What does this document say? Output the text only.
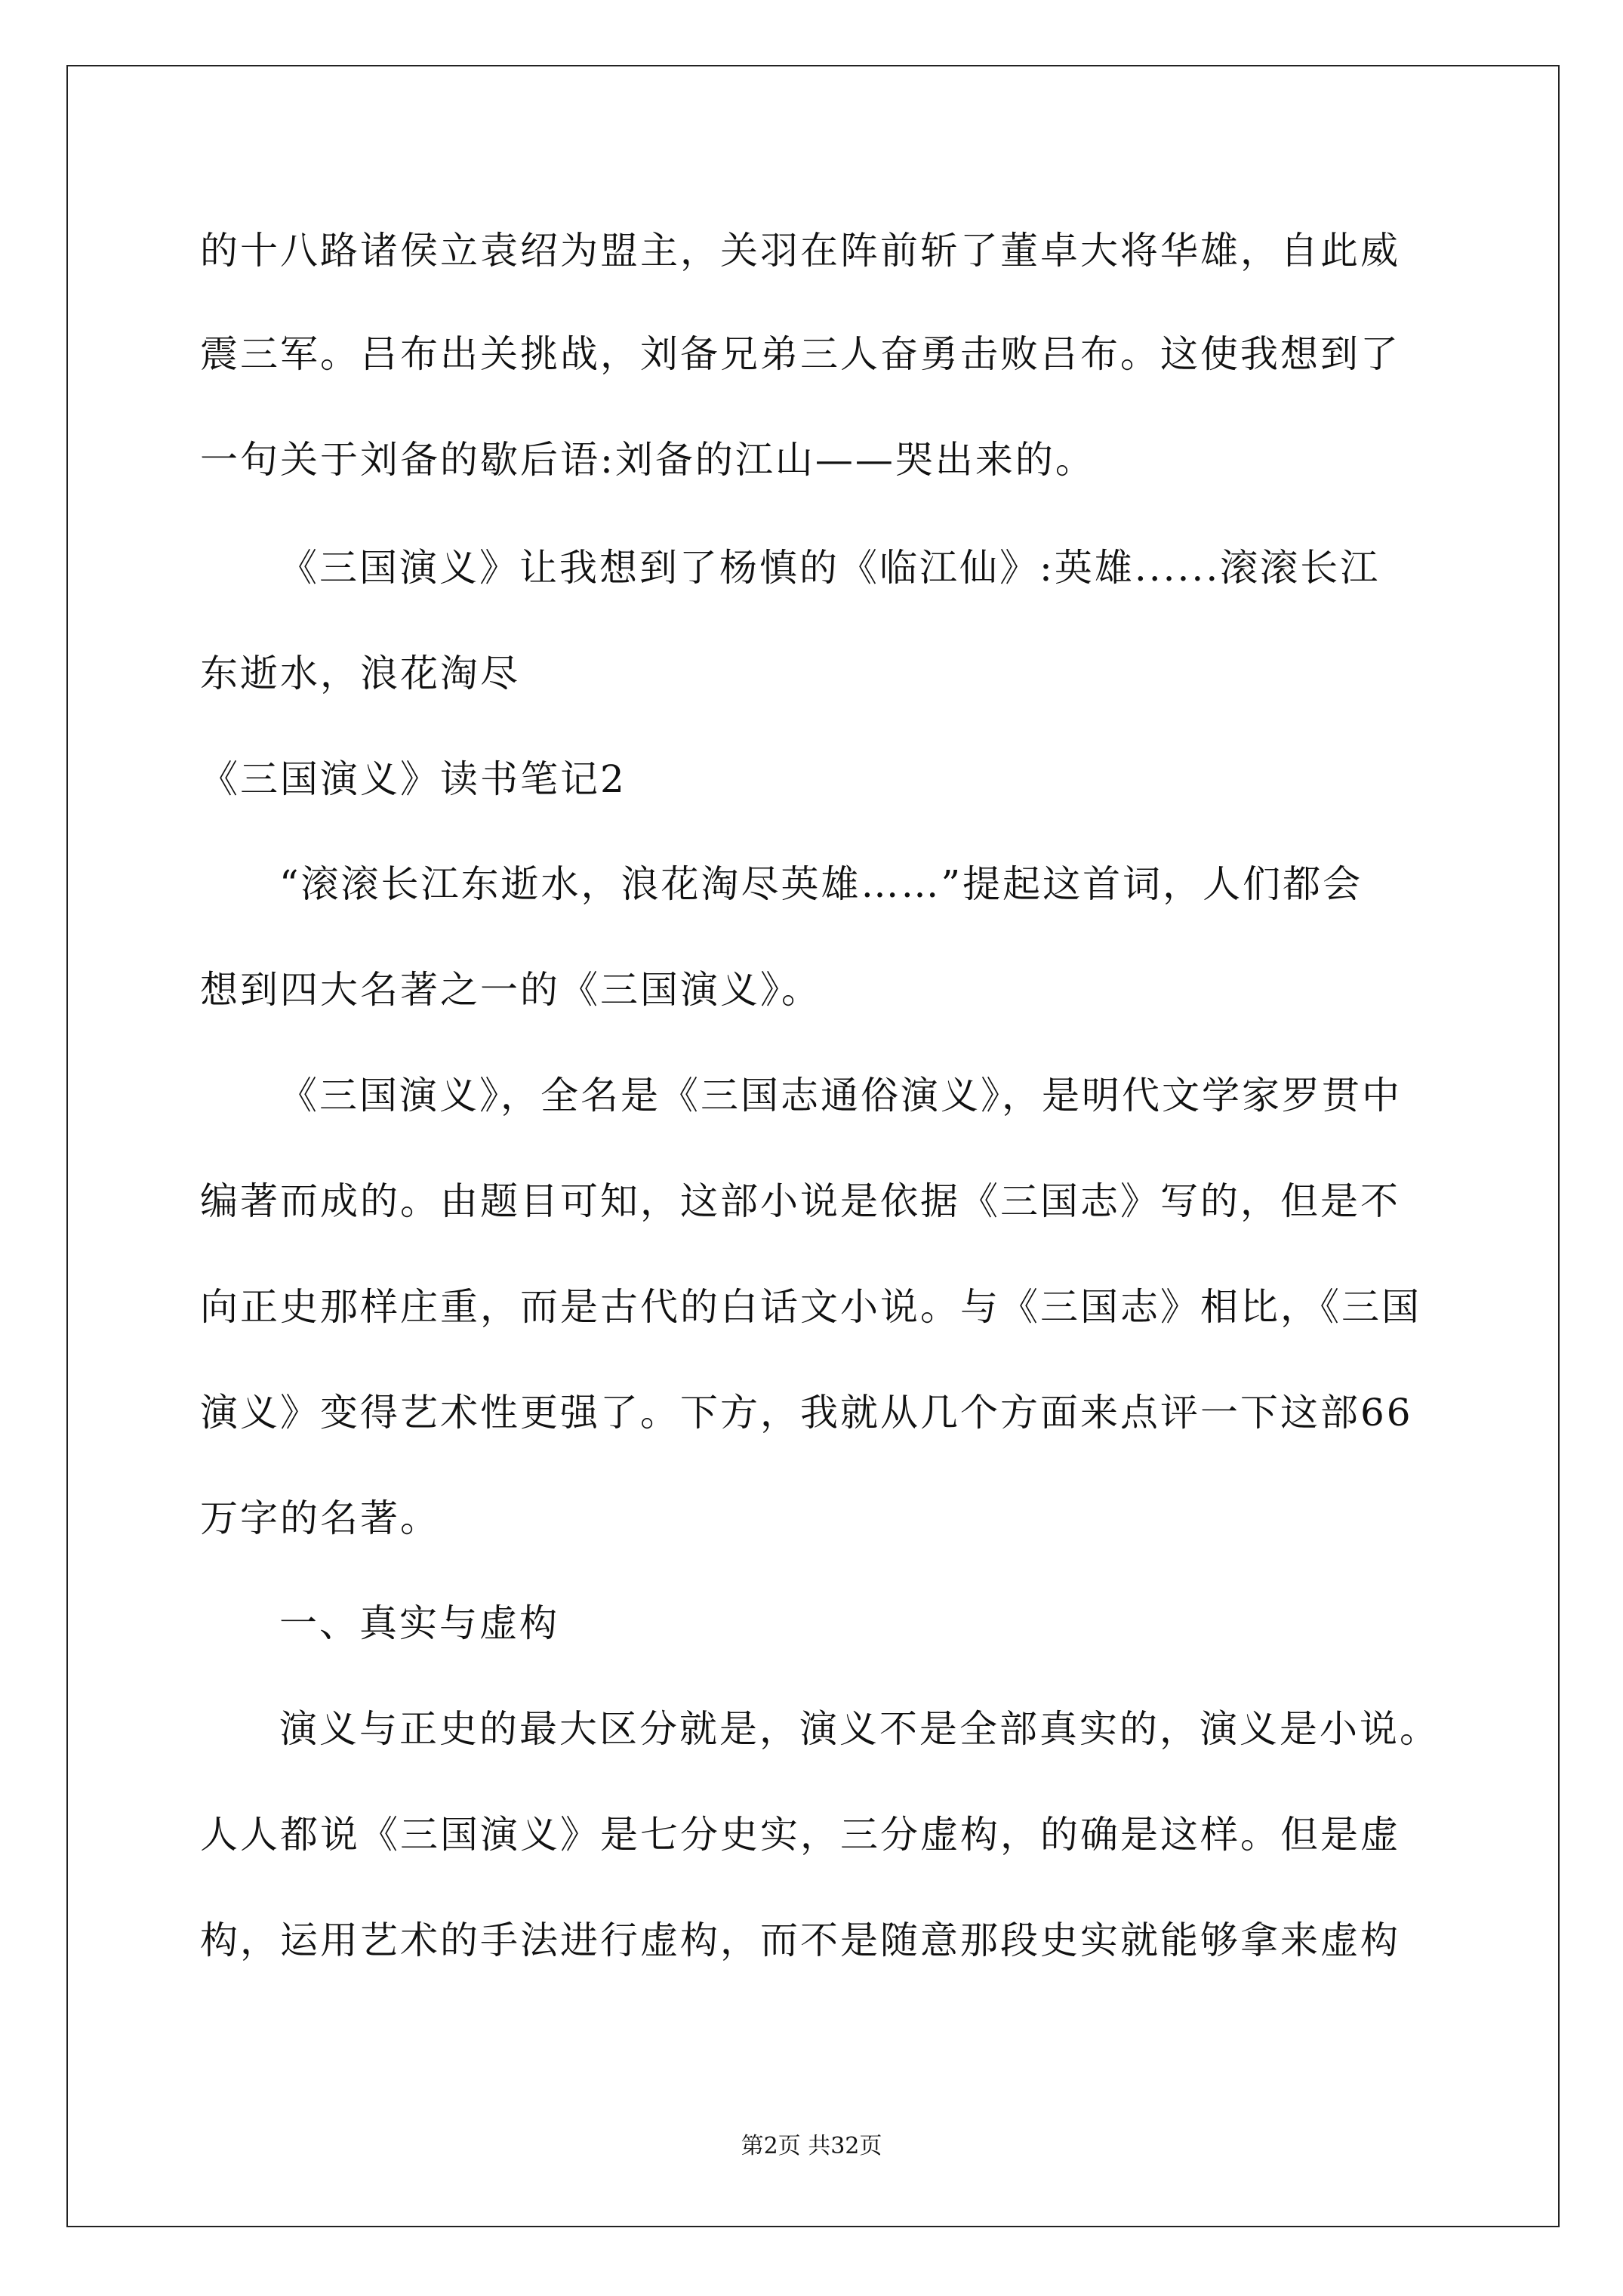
的十八路诸侯立袁绍为盟主，关羽在阵前斩了董卓大将华雄，自此威
震三军。吕布出关挑战，刘备兄弟三人奋勇击败吕布。这使我想到了
一句关于刘备的歇后语:刘备的江山——哭出来的。
《三国演义》让我想到了杨慎的《临江仙》:英雄......滚滚长江
东逝水，浪花淘尽
《三国演义》读书笔记2
“滚滚长江东逝水，浪花淘尽英雄……”提起这首词，人们都会
想到四大名著之一的《三国演义》。
《三国演义》，全名是《三国志通俗演义》，是明代文学家罗贯中
编著而成的。由题目可知，这部小说是依据《三国志》写的，但是不
向正史那样庄重，而是古代的白话文小说。与《三国志》相比，《三国
演义》变得艺术性更强了。下方，我就从几个方面来点评一下这部66
万字的名著。
一、真实与虚构
演义与正史的最大区分就是，演义不是全部真实的，演义是小说。
人人都说《三国演义》是七分史实，三分虚构，的确是这样。但是虚
构，运用艺术的手法进行虚构，而不是随意那段史实就能够拿来虚构
第2页 共32页
